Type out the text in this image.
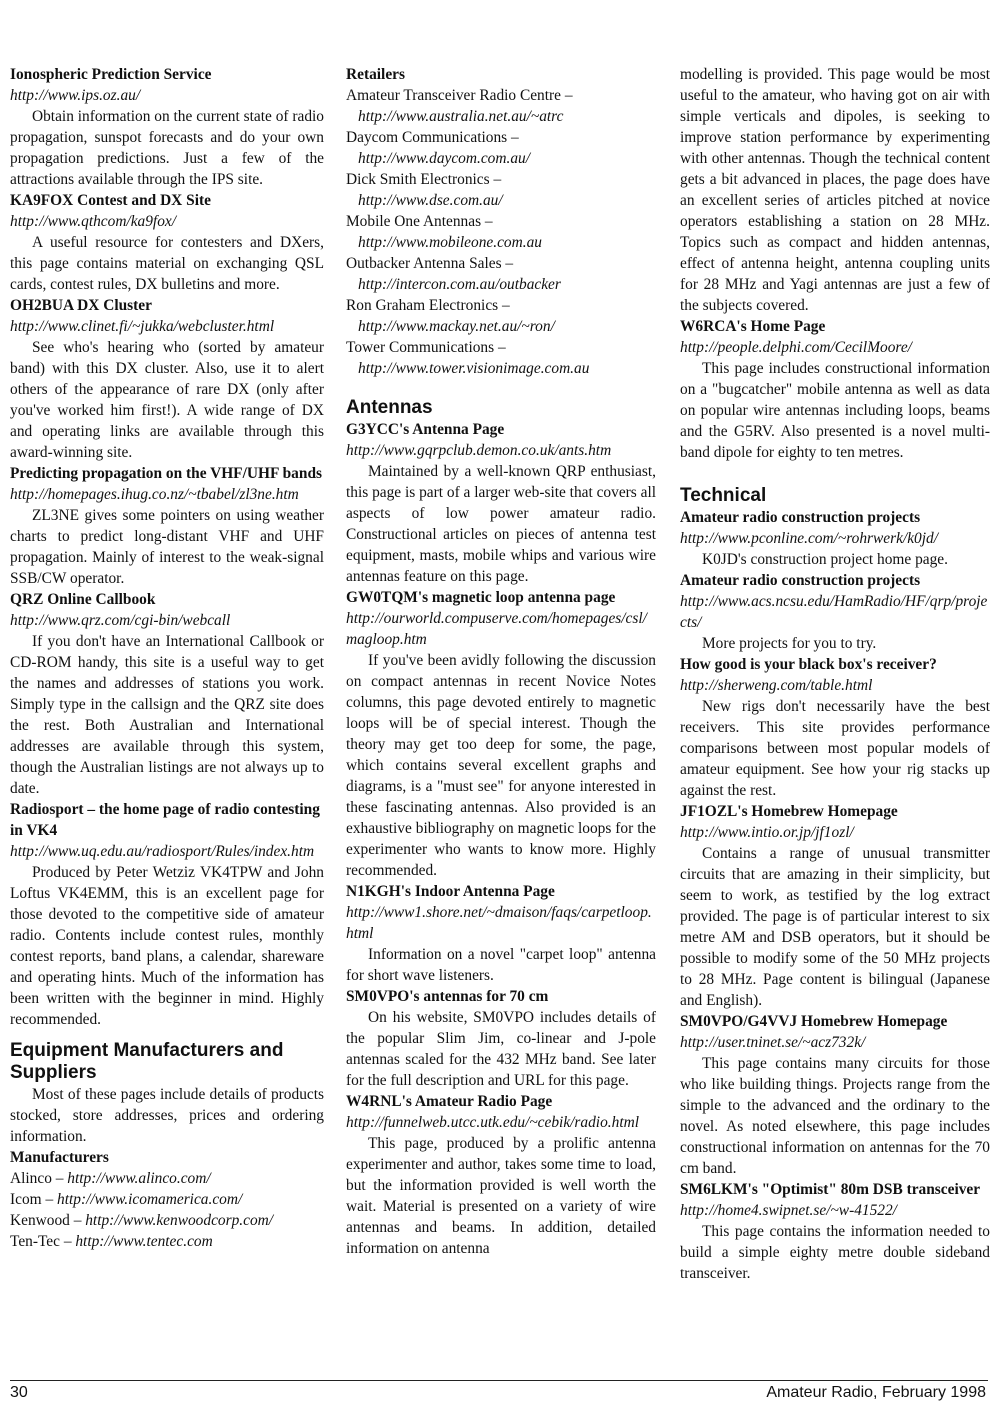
Ionospheric Prediction Service

http://www.ips.oz.au/

Obtain information on the current state of radio propagation, sunspot forecasts and do your own propagation predictions. Just a few of the attractions available through the IPS site.

KA9FOX Contest and DX Site

http://www.qthcom/ka9fox/

A useful resource for contesters and DXers, this page contains material on exchanging QSL cards, contest rules, DX bulletins and more.

OH2BUA DX Cluster

http://www.clinet.fi/~jukka/webcluster.html

See who's hearing who (sorted by amateur band) with this DX cluster. Also, use it to alert others of the appearance of rare DX (only after you've worked him first!). A wide range of DX and operating links are available through this award-winning site.

Predicting propagation on the VHF/UHF bands

http://homepages.ihug.co.nz/~tbabel/zl3ne.htm

ZL3NE gives some pointers on using weather charts to predict long-distant VHF and UHF propagation. Mainly of interest to the weak-signal SSB/CW operator.

QRZ Online Callbook

http://www.qrz.com/cgi-bin/webcall

If you don't have an International Callbook or CD-ROM handy, this site is a useful way to get the names and addresses of stations you work. Simply type in the callsign and the QRZ site does the rest. Both Australian and International addresses are available through this system, though the Australian listings are not always up to date.

Radiosport – the home page of radio contesting in VK4

http://www.uq.edu.au/radiosport/Rules/index.htm

Produced by Peter Wetziz VK4TPW and John Loftus VK4EMM, this is an excellent page for those devoted to the competitive side of amateur radio. Contents include contest rules, monthly contest reports, band plans, a calendar, shareware and operating hints. Much of the information has been written with the beginner in mind. Highly recommended.

Equipment Manufacturers and Suppliers

Most of these pages include details of products stocked, store addresses, prices and ordering information.

Manufacturers

Alinco – http://www.alinco.com/
Icom – http://www.icomamerica.com/
Kenwood – http://www.kenwoodcorp.com/
Ten-Tec – http://www.tentec.com

Retailers

Amateur Transceiver Radio Centre –
http://www.australia.net.au/~atrc
Daycom Communications –
http://www.daycom.com.au/
Dick Smith Electronics –
http://www.dse.com.au/
Mobile One Antennas –
http://www.mobileone.com.au
Outbacker Antenna Sales –
http://intercon.com.au/outbacker
Ron Graham Electronics –
http://www.mackay.net.au/~ron/
Tower Communications –
http://www.tower.visionimage.com.au

Antennas

G3YCC's Antenna Page

http://www.gqrpclub.demon.co.uk/ants.htm

Maintained by a well-known QRP enthusiast, this page is part of a larger web-site that covers all aspects of low power amateur radio. Constructional articles on pieces of antenna test equipment, masts, mobile whips and various wire antennas feature on this page.

GW0TQM's magnetic loop antenna page

http://ourworld.compuserve.com/homepages/csl/magloop.htm

If you've been avidly following the discussion on compact antennas in recent Novice Notes columns, this page devoted entirely to magnetic loops will be of special interest. Though the theory may get too deep for some, the page, which contains several excellent graphs and diagrams, is a "must see" for anyone interested in these fascinating antennas. Also provided is an exhaustive bibliography on magnetic loops for the experimenter who wants to know more. Highly recommended.

N1KGH's Indoor Antenna Page

http://www1.shore.net/~dmaison/faqs/carpetloop.html

Information on a novel "carpet loop" antenna for short wave listeners.

SM0VPO's antennas for 70 cm

On his website, SM0VPO includes details of the popular Slim Jim, co-linear and J-pole antennas scaled for the 432 MHz band. See later for the full description and URL for this page.

W4RNL's Amateur Radio Page

http://funnelweb.utcc.utk.edu/~cebik/radio.html

This page, produced by a prolific antenna experimenter and author, takes some time to load, but the information provided is well worth the wait. Material is presented on a variety of wire antennas and beams. In addition, detailed information on antenna

modelling is provided. This page would be most useful to the amateur, who having got on air with simple verticals and dipoles, is seeking to improve station performance by experimenting with other antennas. Though the technical content gets a bit advanced in places, the page does have an excellent series of articles pitched at novice operators establishing a station on 28 MHz. Topics such as compact and hidden antennas, effect of antenna height, antenna coupling units for 28 MHz and Yagi antennas are just a few of the subjects covered.

W6RCA's Home Page

http://people.delphi.com/CecilMoore/

This page includes constructional information on a "bugcatcher" mobile antenna as well as data on popular wire antennas including loops, beams and the G5RV. Also presented is a novel multi-band dipole for eighty to ten metres.

Technical

Amateur radio construction projects

http://www.pconline.com/~rohrwerk/k0jd/

K0JD's construction project home page.

Amateur radio construction projects

http://www.acs.ncsu.edu/HamRadio/HF/qrp/projects/

More projects for you to try.

How good is your black box's receiver?

http://sherweng.com/table.html

New rigs don't necessarily have the best receivers. This site provides performance comparisons between most popular models of amateur equipment. See how your rig stacks up against the rest.

JF1OZL's Homebrew Homepage

http://www.intio.or.jp/jf1ozl/

Contains a range of unusual transmitter circuits that are amazing in their simplicity, but seem to work, as testified by the log extract provided. The page is of particular interest to six metre AM and DSB operators, but it should be possible to modify some of the 50 MHz projects to 28 MHz. Page content is bilingual (Japanese and English).

SM0VPO/G4VVJ Homebrew Homepage

http://user.tninet.se/~acz732k/

This page contains many circuits for those who like building things. Projects range from the simple to the advanced and the ordinary to the novel. As noted elsewhere, this page includes constructional information on antennas for the 70 cm band.

SM6LKM's "Optimist" 80m DSB transceiver

http://home4.swipnet.se/~w-41522/

This page contains the information needed to build a simple eighty metre double sideband transceiver.

30	Amateur Radio, February 1998
